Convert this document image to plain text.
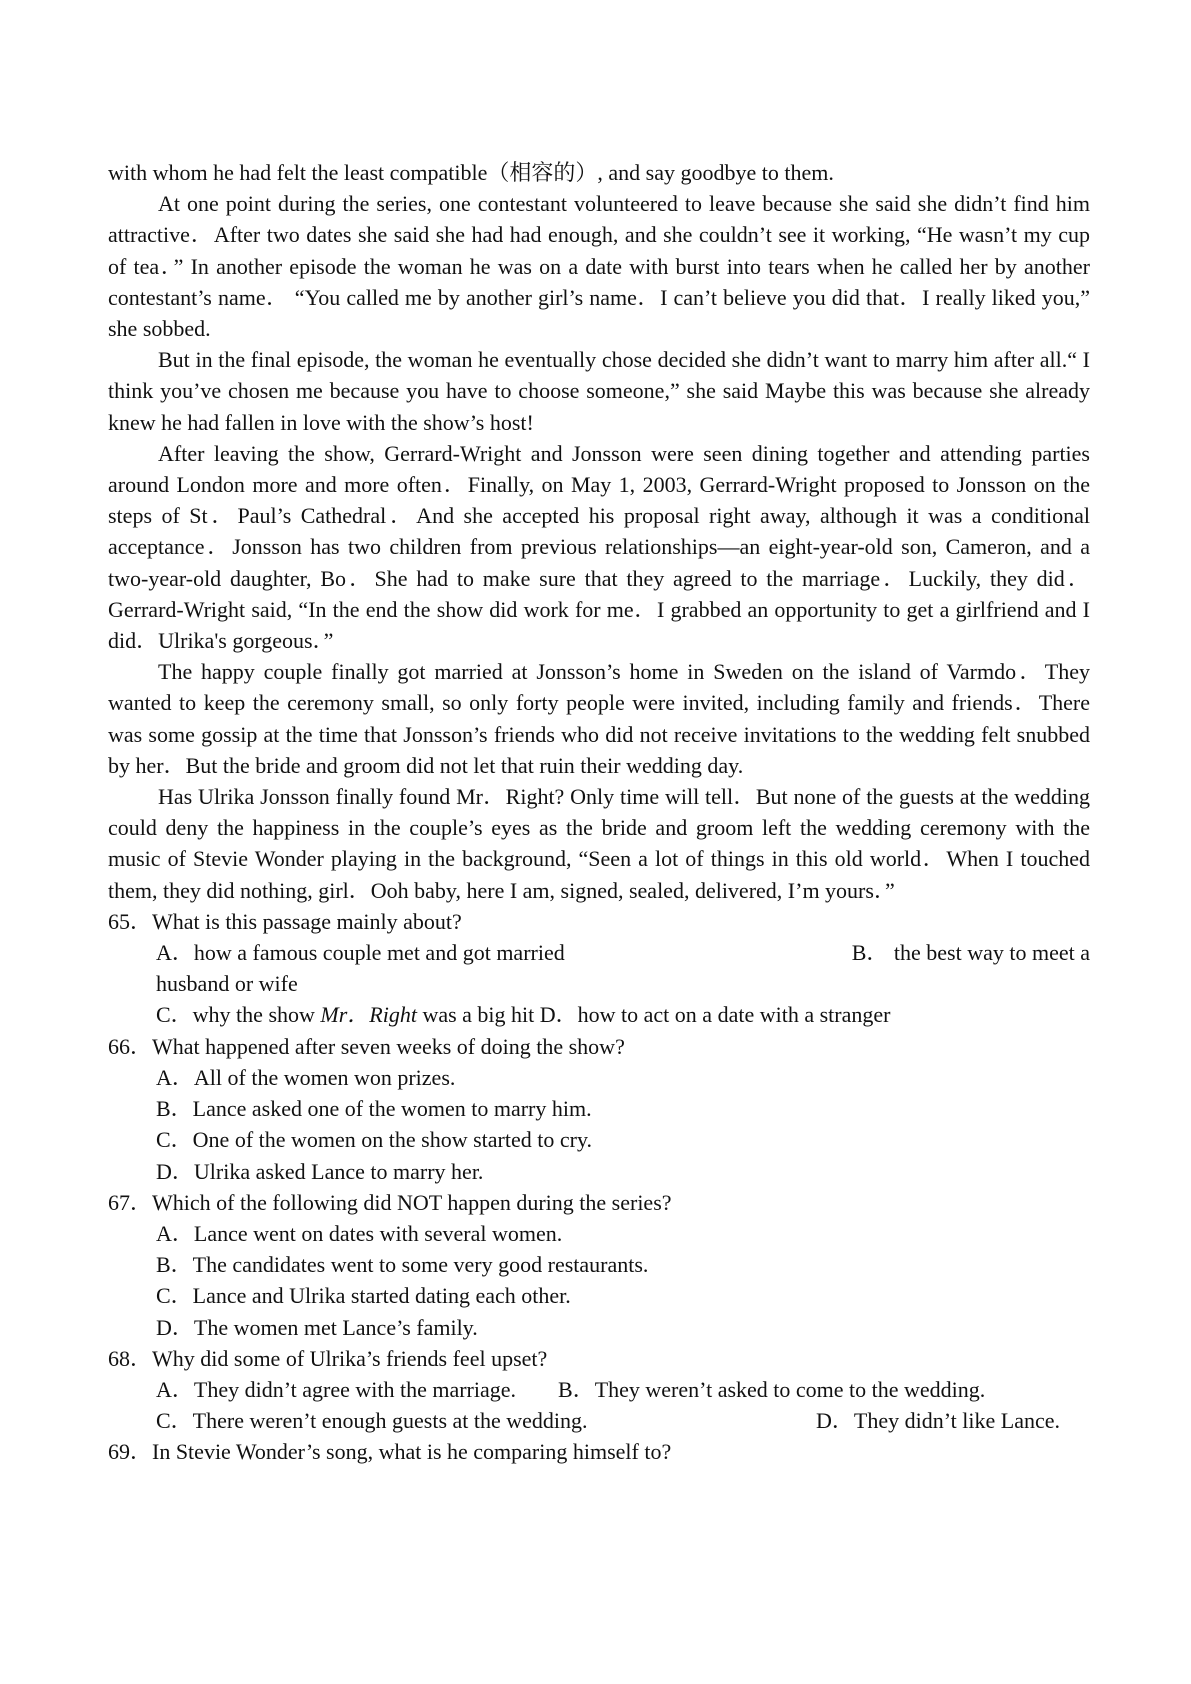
with whom he had felt the least compatible（相容的）, and say goodbye to them.

At one point during the series, one contestant volunteered to leave because she said she didn’t find him attractive．After two dates she said she had had enough, and she couldn’t see it working, “He wasn’t my cup of tea．” In another episode the woman he was on a date with burst into tears when he called her by another contestant’s name． “You called me by another girl’s name．I can’t believe you did that．I really liked you,” she sobbed.

But in the final episode, the woman he eventually chose decided she didn’t want to marry him after all.“ I think you’ve chosen me because you have to choose someone,” she said Maybe this was because she already knew he had fallen in love with the show’s host!

After leaving the show, Gerrard-Wright and Jonsson were seen dining together and attending parties around London more and more often．Finally, on May 1, 2003, Gerrard-Wright proposed to Jonsson on the steps of St．Paul’s Cathedral．And she accepted his proposal right away, although it was a conditional acceptance．Jonsson has two children from previous relationships—an eight-year-old son, Cameron, and a two-year-old daughter, Bo．She had to make sure that they agreed to the marriage．Luckily, they did．Gerrard-Wright said, “In the end the show did work for me．I grabbed an opportunity to get a girlfriend and I did．Ulrika's gorgeous．”

The happy couple finally got married at Jonsson’s home in Sweden on the island of Varmdo．They wanted to keep the ceremony small, so only forty people were invited, including family and friends．There was some gossip at the time that Jonsson’s friends who did not receive invitations to the wedding felt snubbed by her．But the bride and groom did not let that ruin their wedding day.

Has Ulrika Jonsson finally found Mr．Right? Only time will tell．But none of the guests at the wedding could deny the happiness in the couple’s eyes as the bride and groom left the wedding ceremony with the music of Stevie Wonder playing in the background, “Seen a lot of things in this old world．When I touched them, they did nothing, girl．Ooh baby, here I am, signed, sealed, delivered, I’m yours．”

65．What is this passage mainly about?

A．how a famous couple met and got married	B． the best way to meet a

husband or wife

C．why the show Mr．Right was a big hit D．how to act on a date with a stranger

66．What happened after seven weeks of doing the show?

A．All of the women won prizes.

B．Lance asked one of the women to marry him.

C．One of the women on the show started to cry.

D．Ulrika asked Lance to marry her.

67．Which of the following did NOT happen during the series?

A．Lance went on dates with several women.

B．The candidates went to some very good restaurants.

C．Lance and Ulrika started dating each other.

D．The women met Lance’s family.

68．Why did some of Ulrika’s friends feel upset?

A．They didn’t agree with the marriage. B．They weren’t asked to come to the wedding.
C．There weren’t enough guests at the wedding.	D．They didn’t like Lance.

69．In Stevie Wonder’s song, what is he comparing himself to?
